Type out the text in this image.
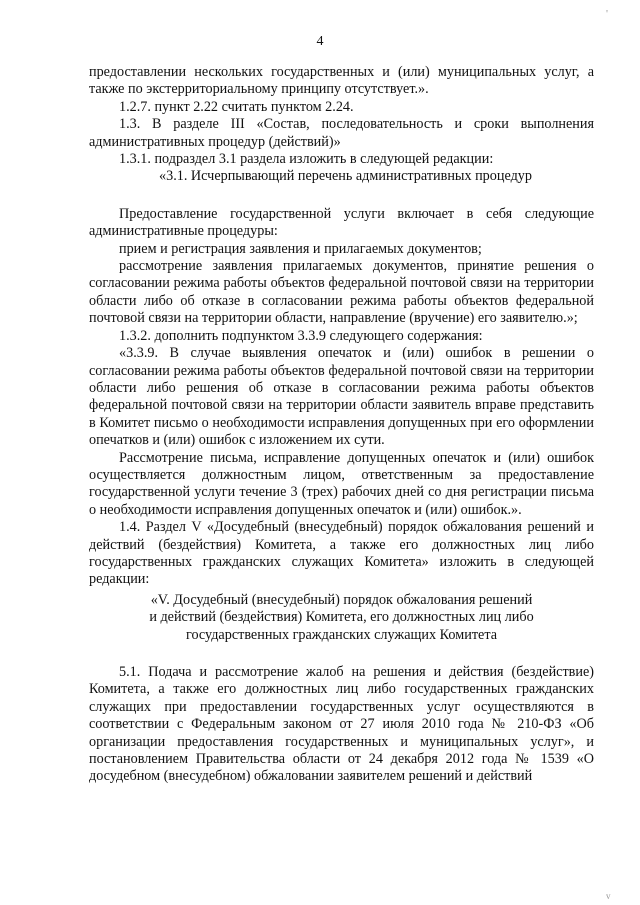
'
4

предоставлении нескольких государственных и (или) муниципальных услуг, а также по экстерриториальному принципу отсутствует.».

1.2.7. пункт 2.22 считать пунктом 2.24.

1.3. В разделе III «Состав, последовательность и сроки выполнения административных процедур (действий)»

1.3.1. подраздел 3.1 раздела изложить в следующей редакции:

«3.1. Исчерпывающий перечень административных процедур

Предоставление государственной услуги включает в себя следующие административные процедуры:

прием и регистрация заявления и прилагаемых документов;

рассмотрение заявления прилагаемых документов, принятие решения о согласовании режима работы объектов федеральной почтовой связи на территории области либо об отказе в согласовании режима работы объектов федеральной почтовой связи на территории области, направление (вручение) его заявителю.»;

1.3.2. дополнить подпунктом 3.3.9 следующего содержания:

«3.3.9. В случае выявления опечаток и (или) ошибок в решении о согласовании режима работы объектов федеральной почтовой связи на территории области либо решения об отказе в согласовании режима работы объектов федеральной почтовой связи на территории области заявитель вправе представить в Комитет письмо о необходимости исправления допущенных при его оформлении опечатков и (или) ошибок с изложением их сути.

Рассмотрение письма, исправление допущенных опечаток и (или) ошибок осуществляется должностным лицом, ответственным за предоставление государственной услуги течение 3 (трех) рабочих дней со дня регистрации письма о необходимости исправления допущенных опечаток и (или) ошибок.».

1.4. Раздел V «Досудебный (внесудебный) порядок обжалования решений и действий (бездействия) Комитета, а также его должностных лиц либо государственных гражданских служащих Комитета» изложить в следующей редакции:

«V. Досудебный (внесудебный) порядок обжалования решений
и действий (бездействия) Комитета, его должностных лиц либо
государственных гражданских служащих Комитета

5.1. Подача и рассмотрение жалоб на решения и действия (бездействие) Комитета, а также его должностных лиц либо государственных гражданских служащих при предоставлении государственных услуг осуществляются в соответствии с Федеральным законом от 27 июля 2010 года № 210-ФЗ «Об организации предоставления государственных и муниципальных услуг», и постановлением Правительства области от 24 декабря 2012 года № 1539 «О досудебном (внесудебном) обжаловании заявителем решений и действий

v
